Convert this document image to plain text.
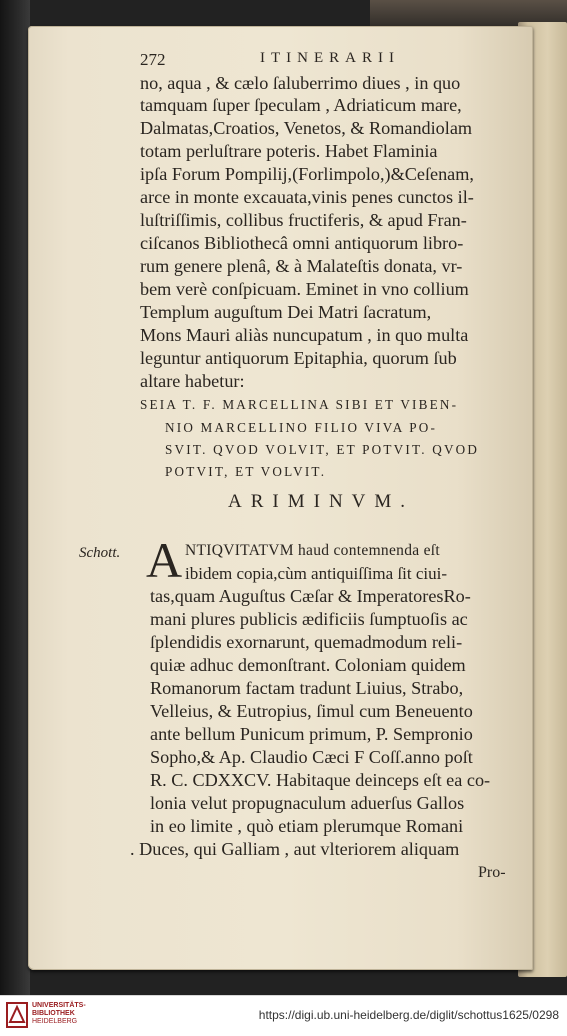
272	ITINERARII
no, aqua , & cælo ſaluberrimo diues , in quo
tamquam ſuper ſpeculam , Adriaticum mare,
Dalmatas,Croatios, Venetos, & Romandiolam
totam perluſtrare poteris. Habet Flaminia
ipſa Forum Pompilij,(Forlimpolo,)&Ceſenam,
arce in monte excauata,vinis penes cunctos il-
luſtriſſimis, collibus fructiferis, & apud Fran-
ciſcanos Bibliothecâ omni antiquorum libro-
rum genere plenâ, & à Malateſtis donata, vr-
bem verè conſpicuam. Eminet in vno collium
Templum auguſtum Dei Matri ſacratum,
Mons Mauri aliàs nuncupatum , in quo multa
leguntur antiquorum Epitaphia, quorum ſub
altare habetur:
SEIA T. F. MARCELLINA SIBI ET VIBEN-
NIO MARCELLINO FILIO VIVA PO-
SVIT. QVOD VOLVIT, ET POTVIT. QVOD
POTVIT, ET VOLVIT.
ARIMINVM.
Schott. A NTIQVITATVM haud contemnenda eſt
ibidem copia,cùm antiquiſſima ſit ciui-
tas,quam Auguſtus Cæſar & ImperatoresRo-
mani plures publicis ædificiis ſumptuoſis ac
ſplendidis exornarunt, quemadmodum reli-
quiæ adhuc demonſtrant. Coloniam quidem
Romanorum factam tradunt Liuius, Strabo,
Velleius, & Eutropius, ſimul cum Beneuento
ante bellum Punicum primum, P. Sempronio
Sopho,& Ap. Claudio Cæci F Coſſ.anno poſt
R. C. CDXXCV. Habitaque deinceps eſt ea co-
lonia velut propugnaculum aduerſus Gallos
in eo limite , quò etiam plerumque Romani
. Duces, qui Galliam , aut vlteriorem aliquam
Pro-
UNIVERSITÄTS-
BIBLIOTHEK
HEIDELBERG	https://digi.ub.uni-heidelberg.de/diglit/schottus1625/0298
